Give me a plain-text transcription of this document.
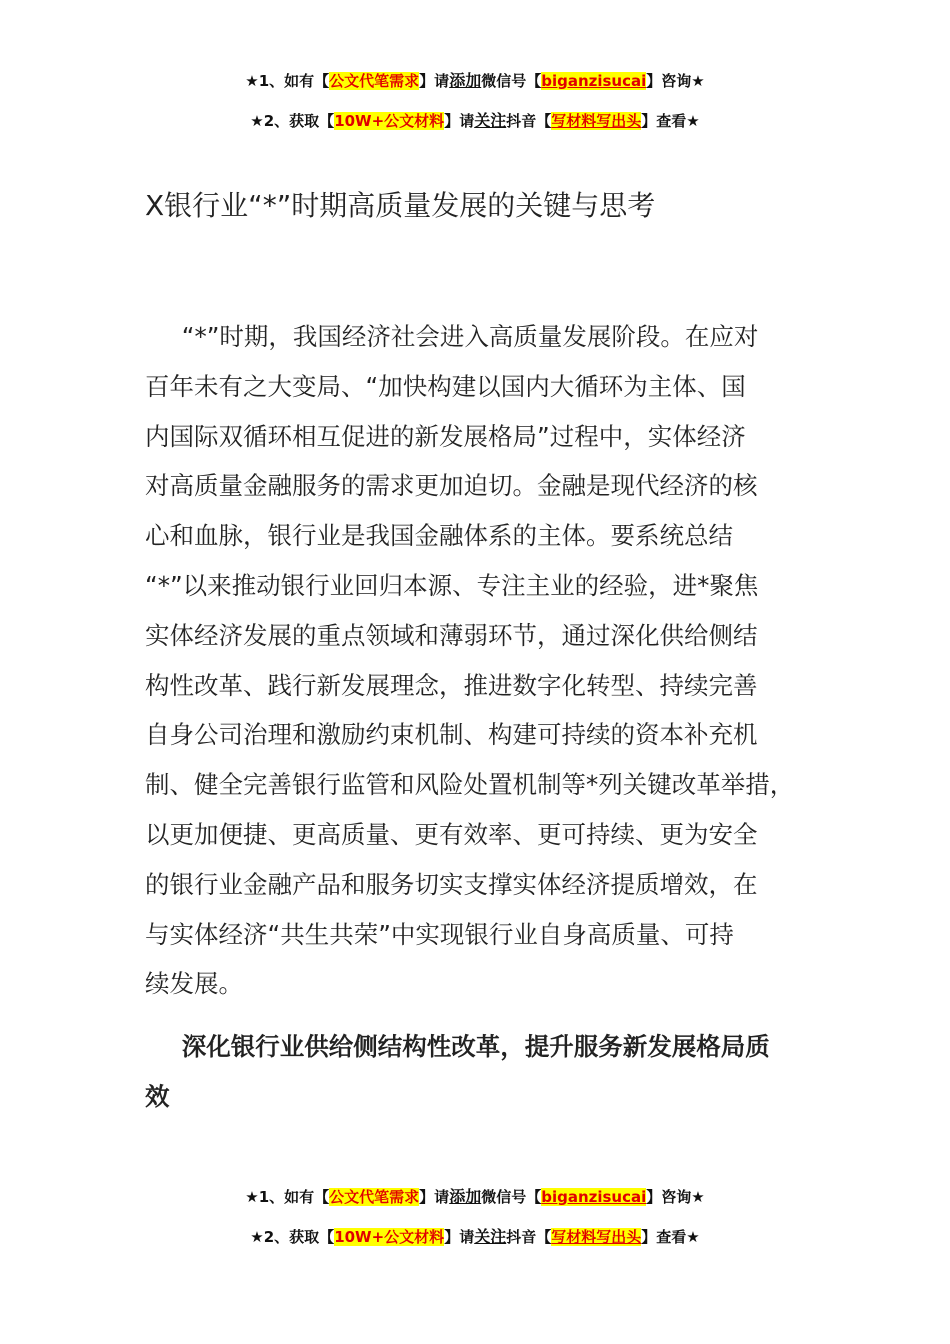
★1、如有【公文代笔需求】请添加微信号【biganzisucai】咨询★
★2、获取【10W+公文材料】请关注抖音【写材料写出头】查看★
X银行业“*”时期高质量发展的关键与思考
“*”时期，我国经济社会进入高质量发展阶段。在应对
百年未有之大变局、“加快构建以国内大循环为主体、国
内国际双循环相互促进的新发展格局”过程中，实体经济
对高质量金融服务的需求更加迫切。金融是现代经济的核
心和血脉，银行业是我国金融体系的主体。要系统总结
“*”以来推动银行业回归本源、专注主业的经验，进*聚焦
实体经济发展的重点领域和薄弱环节，通过深化供给侧结
构性改革、践行新发展理念，推进数字化转型、持续完善
自身公司治理和激励约束机制、构建可持续的资本补充机
制、健全完善银行监管和风险处置机制等*列关键改革举措，
以更加便捷、更高质量、更有效率、更可持续、更为安全
的银行业金融产品和服务切实支撑实体经济提质增效，在
与实体经济“共生共荣”中实现银行业自身高质量、可持
续发展。
深化银行业供给侧结构性改革，提升服务新发展格局质
效
★1、如有【公文代笔需求】请添加微信号【biganzisucai】咨询★
★2、获取【10W+公文材料】请关注抖音【写材料写出头】查看★
